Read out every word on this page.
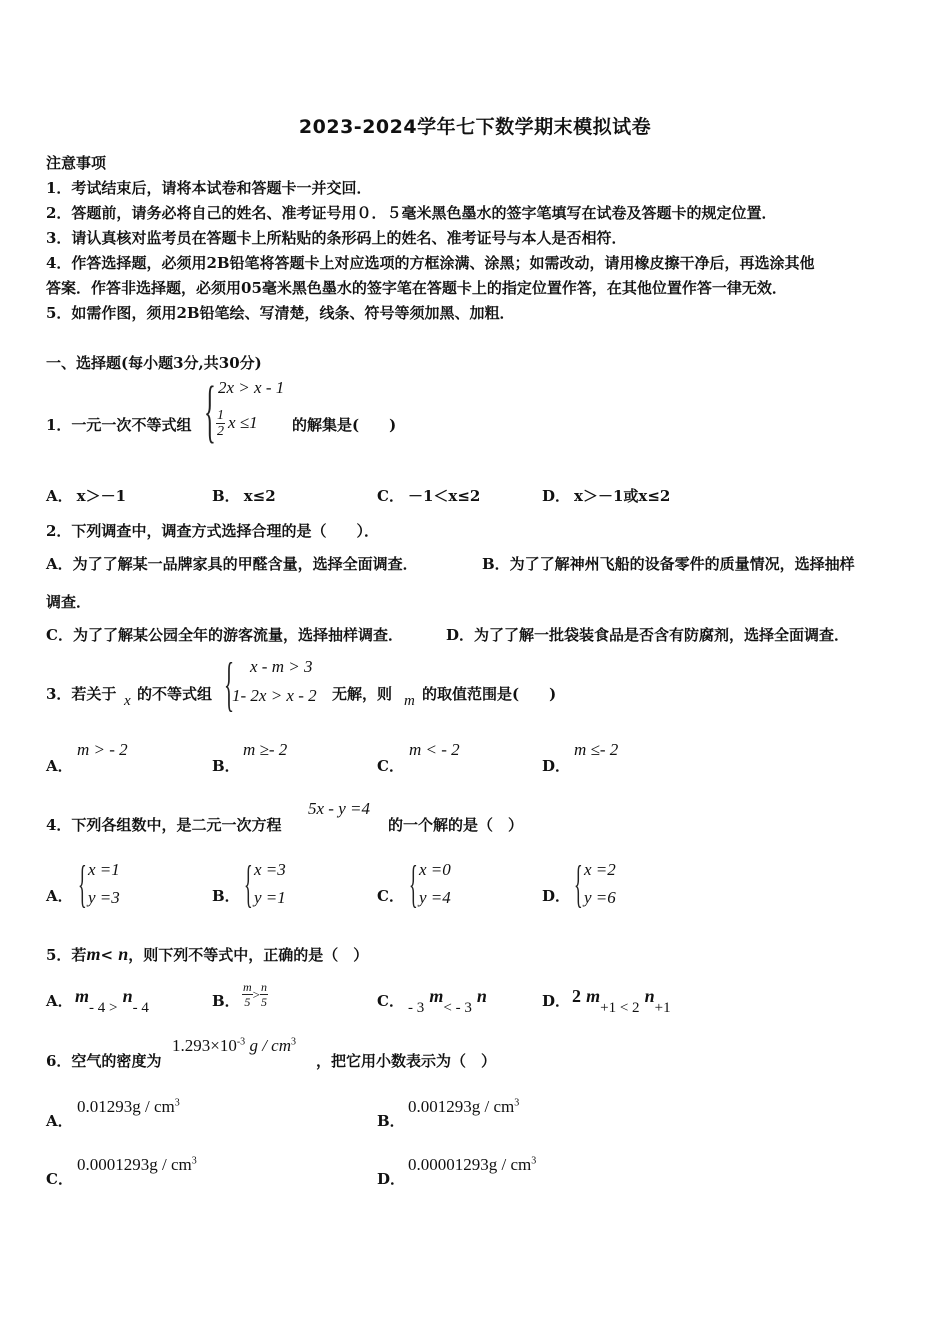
2023-2024学年七下数学期末模拟试卷
注意事项
1．考试结束后，请将本试卷和答题卡一并交回．
2．答题前，请务必将自己的姓名、准考证号用０．５毫米黑色墨水的签字笔填写在试卷及答题卡的规定位置．
3．请认真核对监考员在答题卡上所粘贴的条形码上的姓名、准考证号与本人是否相符．
4．作答选择题，必须用2B铅笔将答题卡上对应选项的方框涂满、涂黑；如需改动，请用橡皮擦干净后，再选涂其他
答案．作答非选择题，必须用05毫米黑色墨水的签字笔在答题卡上的指定位置作答，在其他位置作答一律无效．
5．如需作图，须用2B铅笔绘、写清楚，线条、符号等须加黑、加粗．
一、选择题(每小题3分,共30分)
1．一元一次不等式组 { 2x > x - 1
$\frac{1}{2}$ x ≤1 的解集是(　　)
A． x＞－1	B． x≤2	C． －1＜x≤2	D． x＞－1或x≤2
2．下列调查中，调查方式选择合理的是（　　）．
A．为了了解某一品牌家具的甲醛含量，选择全面调查．	B．为了了解神州飞船的设备零件的质量情况，选择抽样
调查．
C．为了了解某公园全年的游客流量，选择抽样调查．	D．为了了解一批袋装食品是否含有防腐剂，选择全面调查．
3．若关于 x 的不等式组 { x - m > 3
1- 2x > x - 2 无解，则 m 的取值范围是(　　)
A．
m > - 2
B．
m ≥- 2
C．
m < - 2
D．
m ≤- 2
4．下列各组数中，是二元一次方程
5x - y =4
的一个解的是（　）
A． { x =1
y =3	B． { x =3
y =1	C． { x =0
y =4	D． { x =2
y =6
5．若m< n，则下列不等式中，正确的是（　）
A． m- 4 > n- 4	B． $\frac{m}{5} > \frac{n}{5}$	C． - 3 m< - 3 n	D． 2 m+1 < 2 n+1
6．空气的密度为
$1.293\times 10^{-3}$ g / $cm^3$
，把它用小数表示为（　）
A．
$0.01293g / cm^3$
B．
$0.001293g / cm^3$
C．
$0.0001293g / cm^3$
D．
$0.00001293g / cm^3$
